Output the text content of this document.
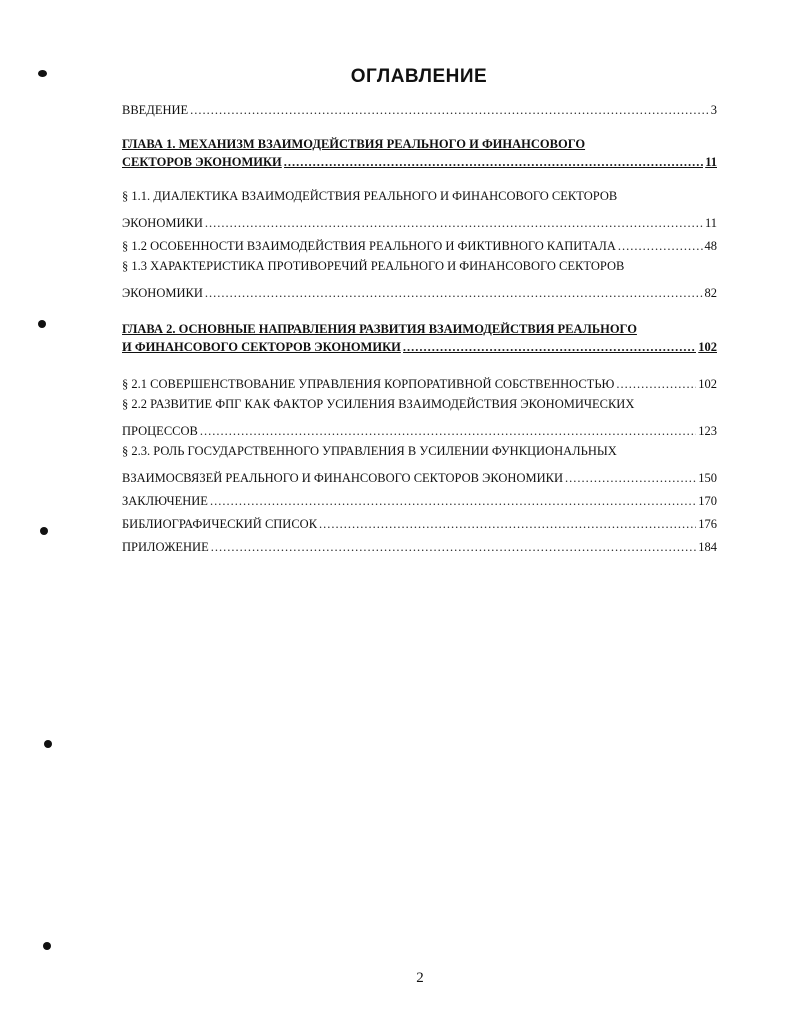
ОГЛАВЛЕНИЕ
ВВЕДЕНИЕ .....	3
ГЛАВА 1. МЕХАНИЗМ ВЗАИМОДЕЙСТВИЯ РЕАЛЬНОГО И ФИНАНСОВОГО
СЕКТОРОВ ЭКОНОМИКИ .....	11
§ 1.1. ДИАЛЕКТИКА ВЗАИМОДЕЙСТВИЯ РЕАЛЬНОГО И ФИНАНСОВОГО СЕКТОРОВ
ЭКОНОМИКИ .....	11
§ 1.2 ОСОБЕННОСТИ ВЗАИМОДЕЙСТВИЯ РЕАЛЬНОГО И ФИКТИВНОГО КАПИТАЛА .....	48
§ 1.3 ХАРАКТЕРИСТИКА ПРОТИВОРЕЧИЙ РЕАЛЬНОГО И ФИНАНСОВОГО СЕКТОРОВ
ЭКОНОМИКИ .....	82
ГЛАВА 2. ОСНОВНЫЕ НАПРАВЛЕНИЯ РАЗВИТИЯ ВЗАИМОДЕЙСТВИЯ РЕАЛЬНОГО
И ФИНАНСОВОГО СЕКТОРОВ ЭКОНОМИКИ .....	102
§ 2.1 СОВЕРШЕНСТВОВАНИЕ УПРАВЛЕНИЯ КОРПОРАТИВНОЙ СОБСТВЕННОСТЬЮ .....	102
§ 2.2 РАЗВИТИЕ ФПГ КАК ФАКТОР УСИЛЕНИЯ ВЗАИМОДЕЙСТВИЯ ЭКОНОМИЧЕСКИХ
ПРОЦЕССОВ .....	123
§ 2.3. РОЛЬ ГОСУДАРСТВЕННОГО УПРАВЛЕНИЯ В УСИЛЕНИИ ФУНКЦИОНАЛЬНЫХ
ВЗАИМОСВЯЗЕЙ РЕАЛЬНОГО И ФИНАНСОВОГО СЕКТОРОВ ЭКОНОМИКИ .....	150
ЗАКЛЮЧЕНИЕ .....	170
БИБЛИОГРАФИЧЕСКИЙ СПИСОК .....	176
ПРИЛОЖЕНИЕ .....	184
2
